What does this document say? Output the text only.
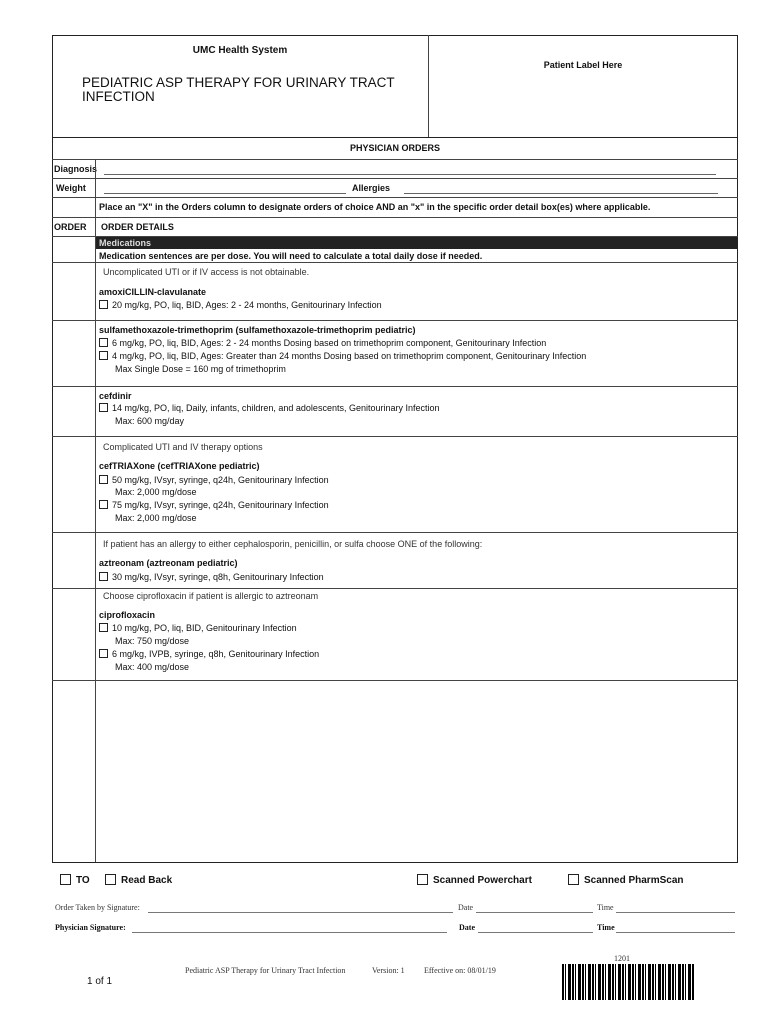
UMC Health System
PEDIATRIC ASP THERAPY FOR URINARY TRACT
INFECTION
Patient Label Here
PHYSICIAN ORDERS
Diagnosis
Weight	Allergies
Place an "X" in the Orders column to designate orders of choice AND an "x" in the specific order detail box(es) where applicable.
ORDER ORDER DETAILS
Medications
Medication sentences are per dose. You will need to calculate a total daily dose if needed.
Uncomplicated UTI or if IV access is not obtainable.
amoxiCILLIN-clavulanate
20 mg/kg, PO, liq, BID, Ages: 2 - 24 months, Genitourinary Infection
sulfamethoxazole-trimethoprim (sulfamethoxazole-trimethoprim pediatric)
6 mg/kg, PO, liq, BID, Ages: 2 - 24 months Dosing based on trimethoprim component, Genitourinary Infection
4 mg/kg, PO, liq, BID, Ages: Greater than 24 months Dosing based on trimethoprim component, Genitourinary Infection
Max Single Dose = 160 mg of trimethoprim
cefdinir
14 mg/kg, PO, liq, Daily, infants, children, and adolescents, Genitourinary Infection
Max: 600 mg/day
Complicated UTI and IV therapy options
cefTRIAXone (cefTRIAXone pediatric)
50 mg/kg, IVsyr, syringe, q24h, Genitourinary Infection
Max: 2,000 mg/dose
75 mg/kg, IVsyr, syringe, q24h, Genitourinary Infection
Max: 2,000 mg/dose
If patient has an allergy to either cephalosporin, penicillin, or sulfa choose ONE of the following:
aztreonam (aztreonam pediatric)
30 mg/kg, IVsyr, syringe, q8h, Genitourinary Infection
Choose ciprofloxacin if patient is allergic to aztreonam
ciprofloxacin
10 mg/kg, PO, liq, BID, Genitourinary Infection
Max: 750 mg/dose
6 mg/kg, IVPB, syringe, q8h, Genitourinary Infection
Max: 400 mg/dose
TO	Read Back	Scanned Powerchart	Scanned PharmScan
Order Taken by Signature:	Date	Time
Physician Signature:	Date	Time
1 of 1
Pediatric ASP Therapy for Urinary Tract Infection	Version: 1 Effective on: 08/01/19
1201
